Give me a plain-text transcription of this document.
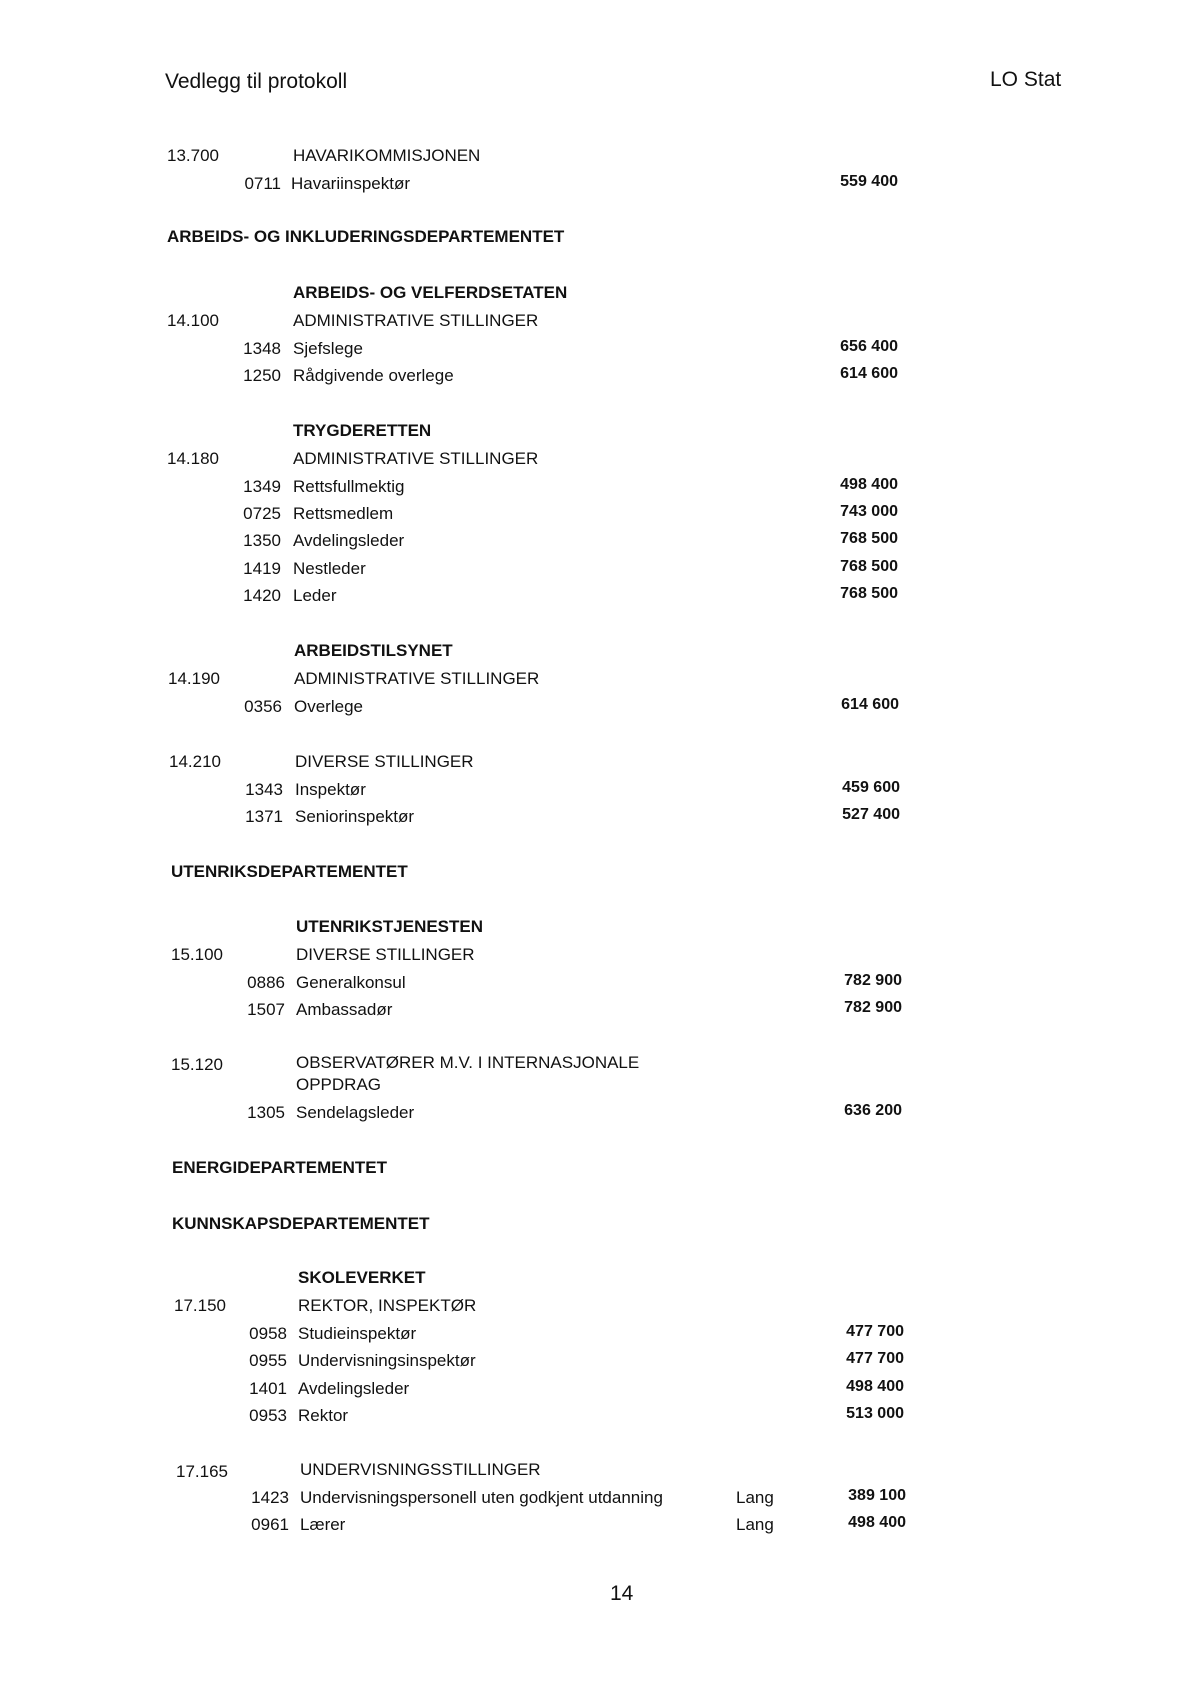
Vedlegg til protokoll	LO Stat
13.700	HAVARIKOMMISJONEN
0711 Havariinspektør	559 400
ARBEIDS- OG INKLUDERINGSDEPARTEMENTET
ARBEIDS- OG VELFERDSETATEN
14.100	ADMINISTRATIVE STILLINGER
1348 Sjefslege	656 400
1250 Rådgivende overlege	614 600
TRYGDERETTEN
14.180	ADMINISTRATIVE STILLINGER
1349 Rettsfullmektig	498 400
0725 Rettsmedlem	743 000
1350 Avdelingsleder	768 500
1419 Nestleder	768 500
1420 Leder	768 500
ARBEIDSTILSYNET
14.190	ADMINISTRATIVE STILLINGER
0356 Overlege	614 600
14.210	DIVERSE STILLINGER
1343 Inspektør	459 600
1371 Seniorinspektør	527 400
UTENRIKSDEPARTEMENTET
UTENRIKSTJENESTEN
15.100	DIVERSE STILLINGER
0886 Generalkonsul	782 900
1507 Ambassadør	782 900
15.120	OBSERVATØRER M.V. I INTERNASJONALE
OPPDRAG
1305 Sendelagsleder	636 200
ENERGIDEPARTEMENTET
KUNNSKAPSDEPARTEMENTET
SKOLEVERKET
17.150	REKTOR, INSPEKTØR
0958 Studieinspektør	477 700
0955 Undervisningsinspektør	477 700
1401 Avdelingsleder	498 400
0953 Rektor	513 000
17.165	UNDERVISNINGSSTILLINGER
1423 Undervisningspersonell uten godkjent utdanning	Lang	389 100
0961 Lærer	Lang	498 400
14
